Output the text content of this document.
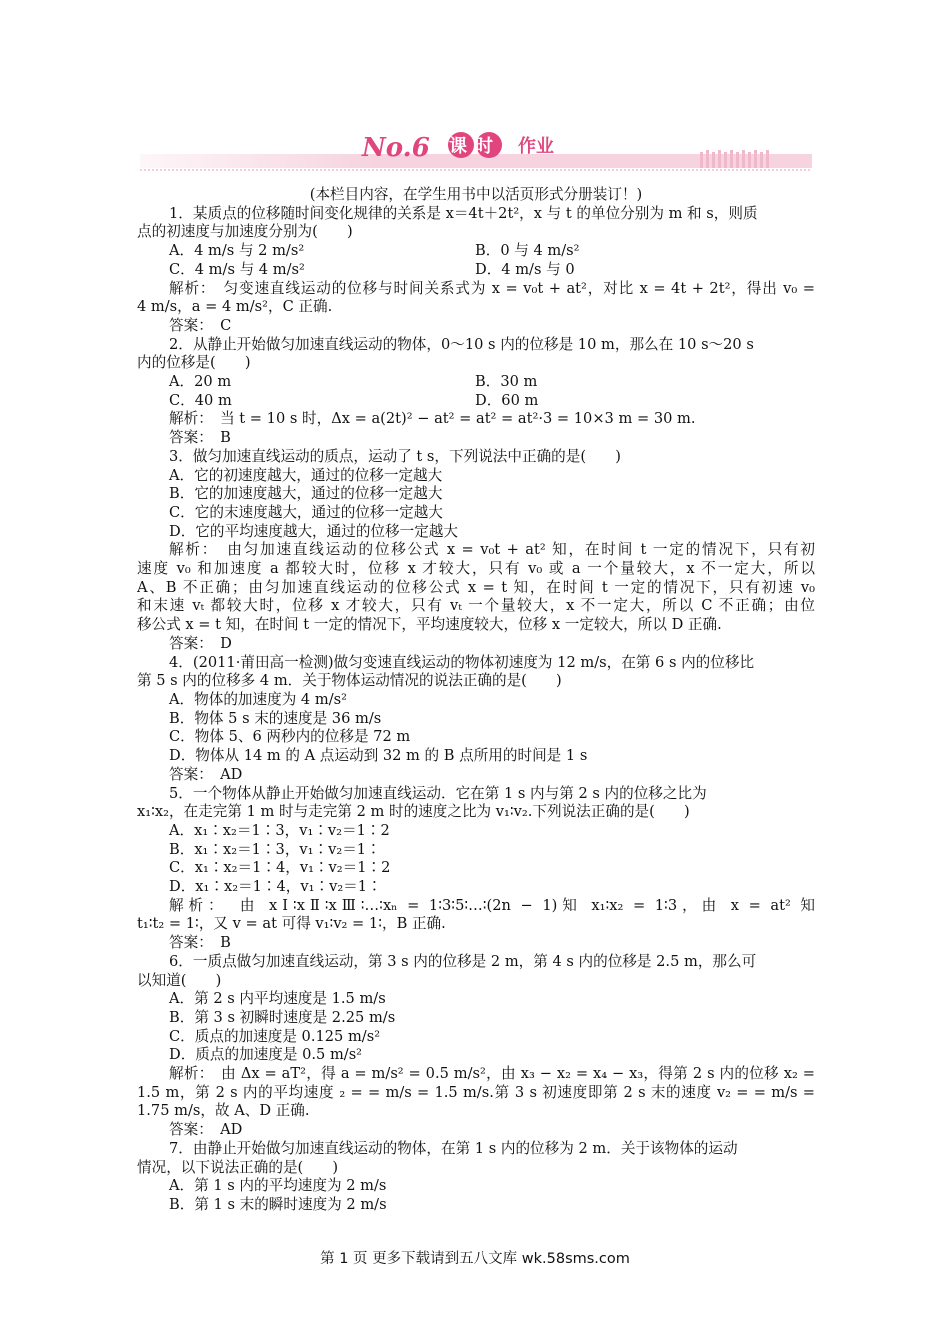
No.6 课时 作业
(本栏目内容，在学生用书中以活页形式分册装订！)
1．某质点的位移随时间变化规律的关系是 x＝4t＋2t²，x 与 t 的单位分别为 m 和 s，则质
点的初速度与加速度分别为(　　)
A．4 m/s 与 2 m/s²	B．0 与 4 m/s²
C．4 m/s 与 4 m/s²	D．4 m/s 与 0
解析：　匀变速直线运动的位移与时间关系式为 x = v₀t + at²，对比 x = 4t + 2t²，得出 v₀ =
4 m/s，a = 4 m/s²，C 正确.
答案：　C
2．从静止开始做匀加速直线运动的物体，0～10 s 内的位移是 10 m，那么在 10 s～20 s
内的位移是(　　)
A．20 m	B．30 m
C．40 m	D．60 m
解析：　当 t = 10 s 时，Δx = a(2t)² − at² = at² = at²·3 = 10×3 m = 30 m.
答案：　B
3．做匀加速直线运动的质点，运动了 t s，下列说法中正确的是(　　)
A．它的初速度越大，通过的位移一定越大
B．它的加速度越大，通过的位移一定越大
C．它的末速度越大，通过的位移一定越大
D．它的平均速度越大，通过的位移一定越大
解析：　由匀加速直线运动的位移公式 x = v₀t + at² 知，在时间 t 一定的情况下，只有初
速度 v₀ 和加速度 a 都较大时，位移 x 才较大，只有 v₀ 或 a 一个量较大，x 不一定大，所以
A、B 不正确；由匀加速直线运动的位移公式 x = t 知，在时间 t 一定的情况下，只有初速 v₀
和末速 vₜ 都较大时，位移 x 才较大，只有 vₜ 一个量较大，x 不一定大，所以 C 不正确；由位
移公式 x = t 知，在时间 t 一定的情况下，平均速度较大，位移 x 一定较大，所以 D 正确.
答案：　D
4．(2011·莆田高一检测)做匀变速直线运动的物体初速度为 12 m/s，在第 6 s 内的位移比
第 5 s 内的位移多 4 m．关于物体运动情况的说法正确的是(　　)
A．物体的加速度为 4 m/s²
B．物体 5 s 末的速度是 36 m/s
C．物体 5、6 两秒内的位移是 72 m
D．物体从 14 m 的 A 点运动到 32 m 的 B 点所用的时间是 1 s
答案：　AD
5．一个物体从静止开始做匀加速直线运动．它在第 1 s 内与第 2 s 内的位移之比为
x₁∶x₂，在走完第 1 m 时与走完第 2 m 时的速度之比为 v₁∶v₂.下列说法正确的是(　　)
A．x₁∶x₂＝1∶3，v₁∶v₂＝1∶2
B．x₁∶x₂＝1∶3，v₁∶v₂＝1∶
C．x₁∶x₂＝1∶4，v₁∶v₂＝1∶2
D．x₁∶x₂＝1∶4，v₁∶v₂＝1∶
解析：　由 xⅠ∶xⅡ∶xⅢ∶…∶xₙ = 1∶3∶5∶…∶(2n − 1)知 x₁∶x₂ = 1∶3，由 x = at² 知
t₁∶t₂ = 1∶，又 v = at 可得 v₁∶v₂ = 1∶，B 正确.
答案：　B
6．一质点做匀加速直线运动，第 3 s 内的位移是 2 m，第 4 s 内的位移是 2.5 m，那么可
以知道(　　)
A．第 2 s 内平均速度是 1.5 m/s
B．第 3 s 初瞬时速度是 2.25 m/s
C．质点的加速度是 0.125 m/s²
D．质点的加速度是 0.5 m/s²
解析：　由 Δx = aT²，得 a = m/s² = 0.5 m/s²，由 x₃ − x₂ = x₄ − x₃，得第 2 s 内的位移 x₂ =
1.5 m，第 2 s 内的平均速度 ₂ = = m/s = 1.5 m/s.第 3 s 初速度即第 2 s 末的速度 v₂ = = m/s =
1.75 m/s，故 A、D 正确.
答案：　AD
7．由静止开始做匀加速直线运动的物体，在第 1 s 内的位移为 2 m．关于该物体的运动
情况，以下说法正确的是(　　)
A．第 1 s 内的平均速度为 2 m/s
B．第 1 s 末的瞬时速度为 2 m/s
第 1 页 更多下载请到五八文库 wk.58sms.com
